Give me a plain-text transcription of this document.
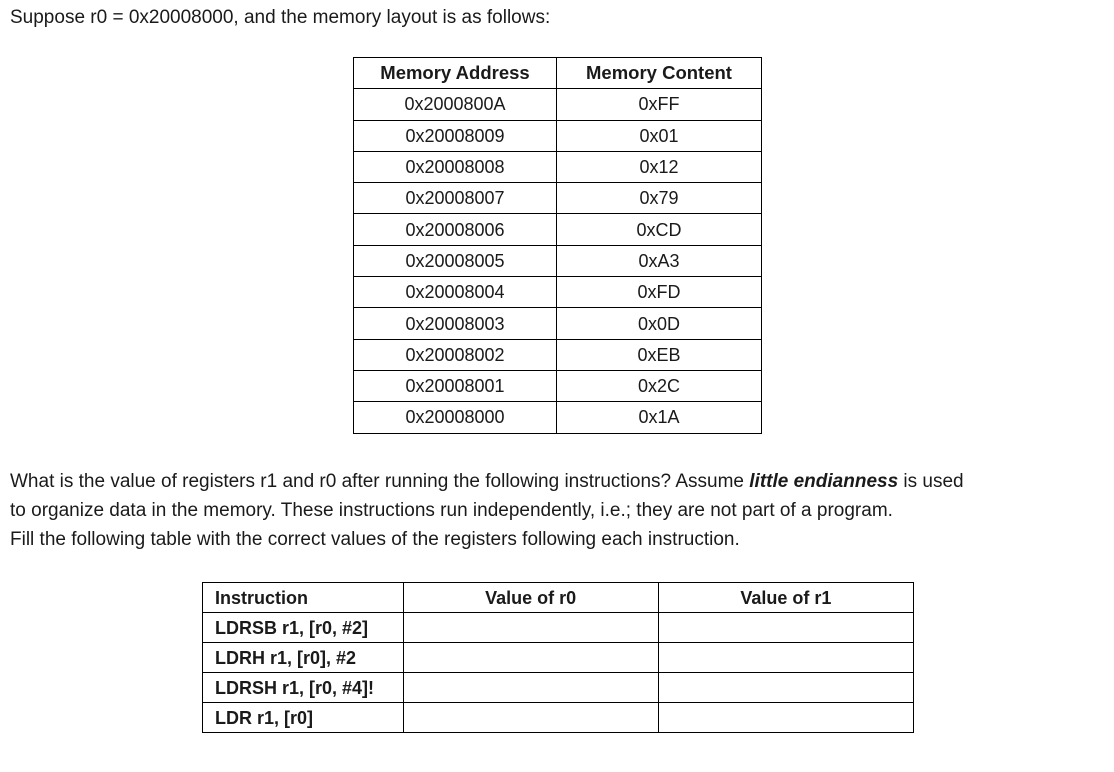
Suppose r0 = 0x20008000, and the memory layout is as follows:
Memory Address	Memory Content
0x2000800A	0xFF
0x20008009	0x01
0x20008008	0x12
0x20008007	0x79
0x20008006	0xCD
0x20008005	0xA3
0x20008004	0xFD
0x20008003	0x0D
0x20008002	0xEB
0x20008001	0x2C
0x20008000	0x1A

What is the value of registers r1 and r0 after running the following instructions? Assume little endianness is used

to organize data in the memory. These instructions run independently, i.e.; they are not part of a program.

Fill the following table with the correct values of the registers following each instruction.

Instruction	Value of r0	Value of r1
LDRSB r1, [r0, #2]		
LDRH r1, [r0], #2		
LDRSH r1, [r0, #4]!		
LDR r1, [r0]		
